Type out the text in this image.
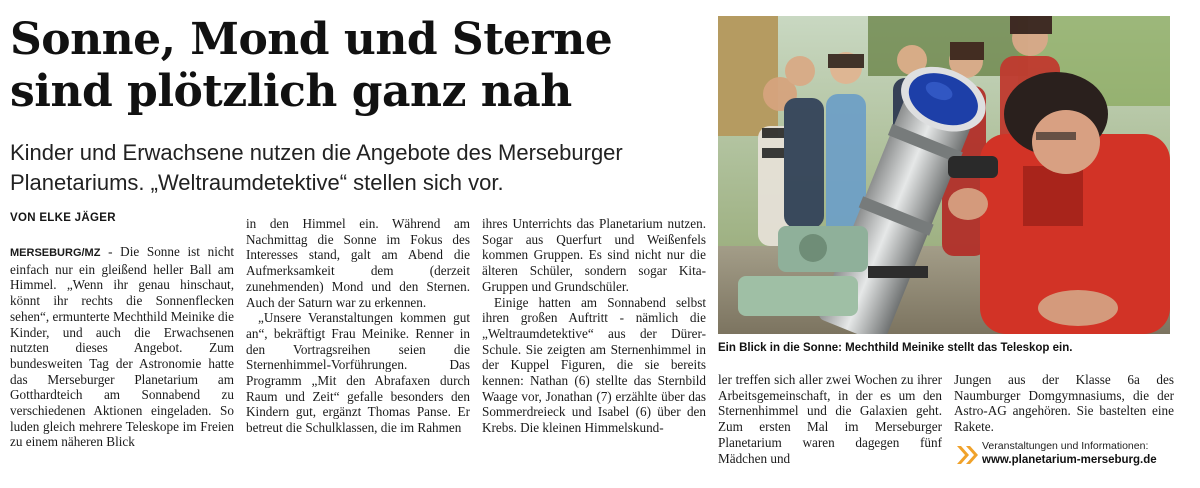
Sonne, Mond und Sterne
sind plötzlich ganz nah

Kinder und Erwachsene nutzen die Angebote des Merseburger Planetariums. „Weltraumdetektive“ stellen sich vor.

VON ELKE JÄGER

MERSEBURG/MZ - Die Sonne ist nicht einfach nur ein gleißend heller Ball am Himmel. „Wenn ihr genau hinschaut, könnt ihr rechts die Sonnenflecken sehen“, ermunterte Mechthild Meinike die Kinder, und auch die Erwachsenen nutzten dieses Angebot. Zum bundesweiten Tag der Astronomie hatte das Merseburger Planetarium am Gotthardteich am Sonnabend zu verschiedenen Aktionen eingeladen. So luden gleich mehrere Teleskope im Freien zu einem näheren Blick

in den Himmel ein. Während am Nachmittag die Sonne im Fokus des Interesses stand, galt am Abend die Aufmerksamkeit dem (derzeit zunehmenden) Mond und den Sternen. Auch der Saturn war zu erkennen.

„Unsere Veranstaltungen kommen gut an“, bekräftigt Frau Meinike. Renner in den Vortragsreihen seien die Sternenhimmel-Vorführungen. Das Programm „Mit den Abrafaxen durch Raum und Zeit“ gefalle besonders den Kindern gut, ergänzt Thomas Panse. Er betreut die Schulklassen, die im Rahmen

ihres Unterrichts das Planetarium nutzen. Sogar aus Querfurt und Weißenfels kommen Gruppen. Es sind nicht nur die älteren Schüler, sondern sogar Kita-Gruppen und Grundschüler.

Einige hatten am Sonnabend selbst ihren großen Auftritt - nämlich die „Weltraumdetektive“ aus der Dürer-Schule. Sie zeigten am Sternenhimmel in der Kuppel Figuren, die sie bereits kennen: Nathan (6) stellte das Sternbild Waage vor, Jonathan (7) erzählte über das Sommerdreieck und Isabel (6) über den Krebs. Die kleinen Himmelskund-

ler treffen sich aller zwei Wochen zu ihrer Arbeitsgemeinschaft, in der es um den Sternenhimmel und die Galaxien geht. Zum ersten Mal im Merseburger Planetarium waren dagegen fünf Mädchen und

Jungen aus der Klasse 6a des Naumburger Domgymnasiums, die der Astro-AG angehören. Sie bastelten eine Rakete.

Ein Blick in die Sonne: Mechthild Meinike stellt das Teleskop ein.
Veranstaltungen und Informationen:
www.planetarium-merseburg.de
